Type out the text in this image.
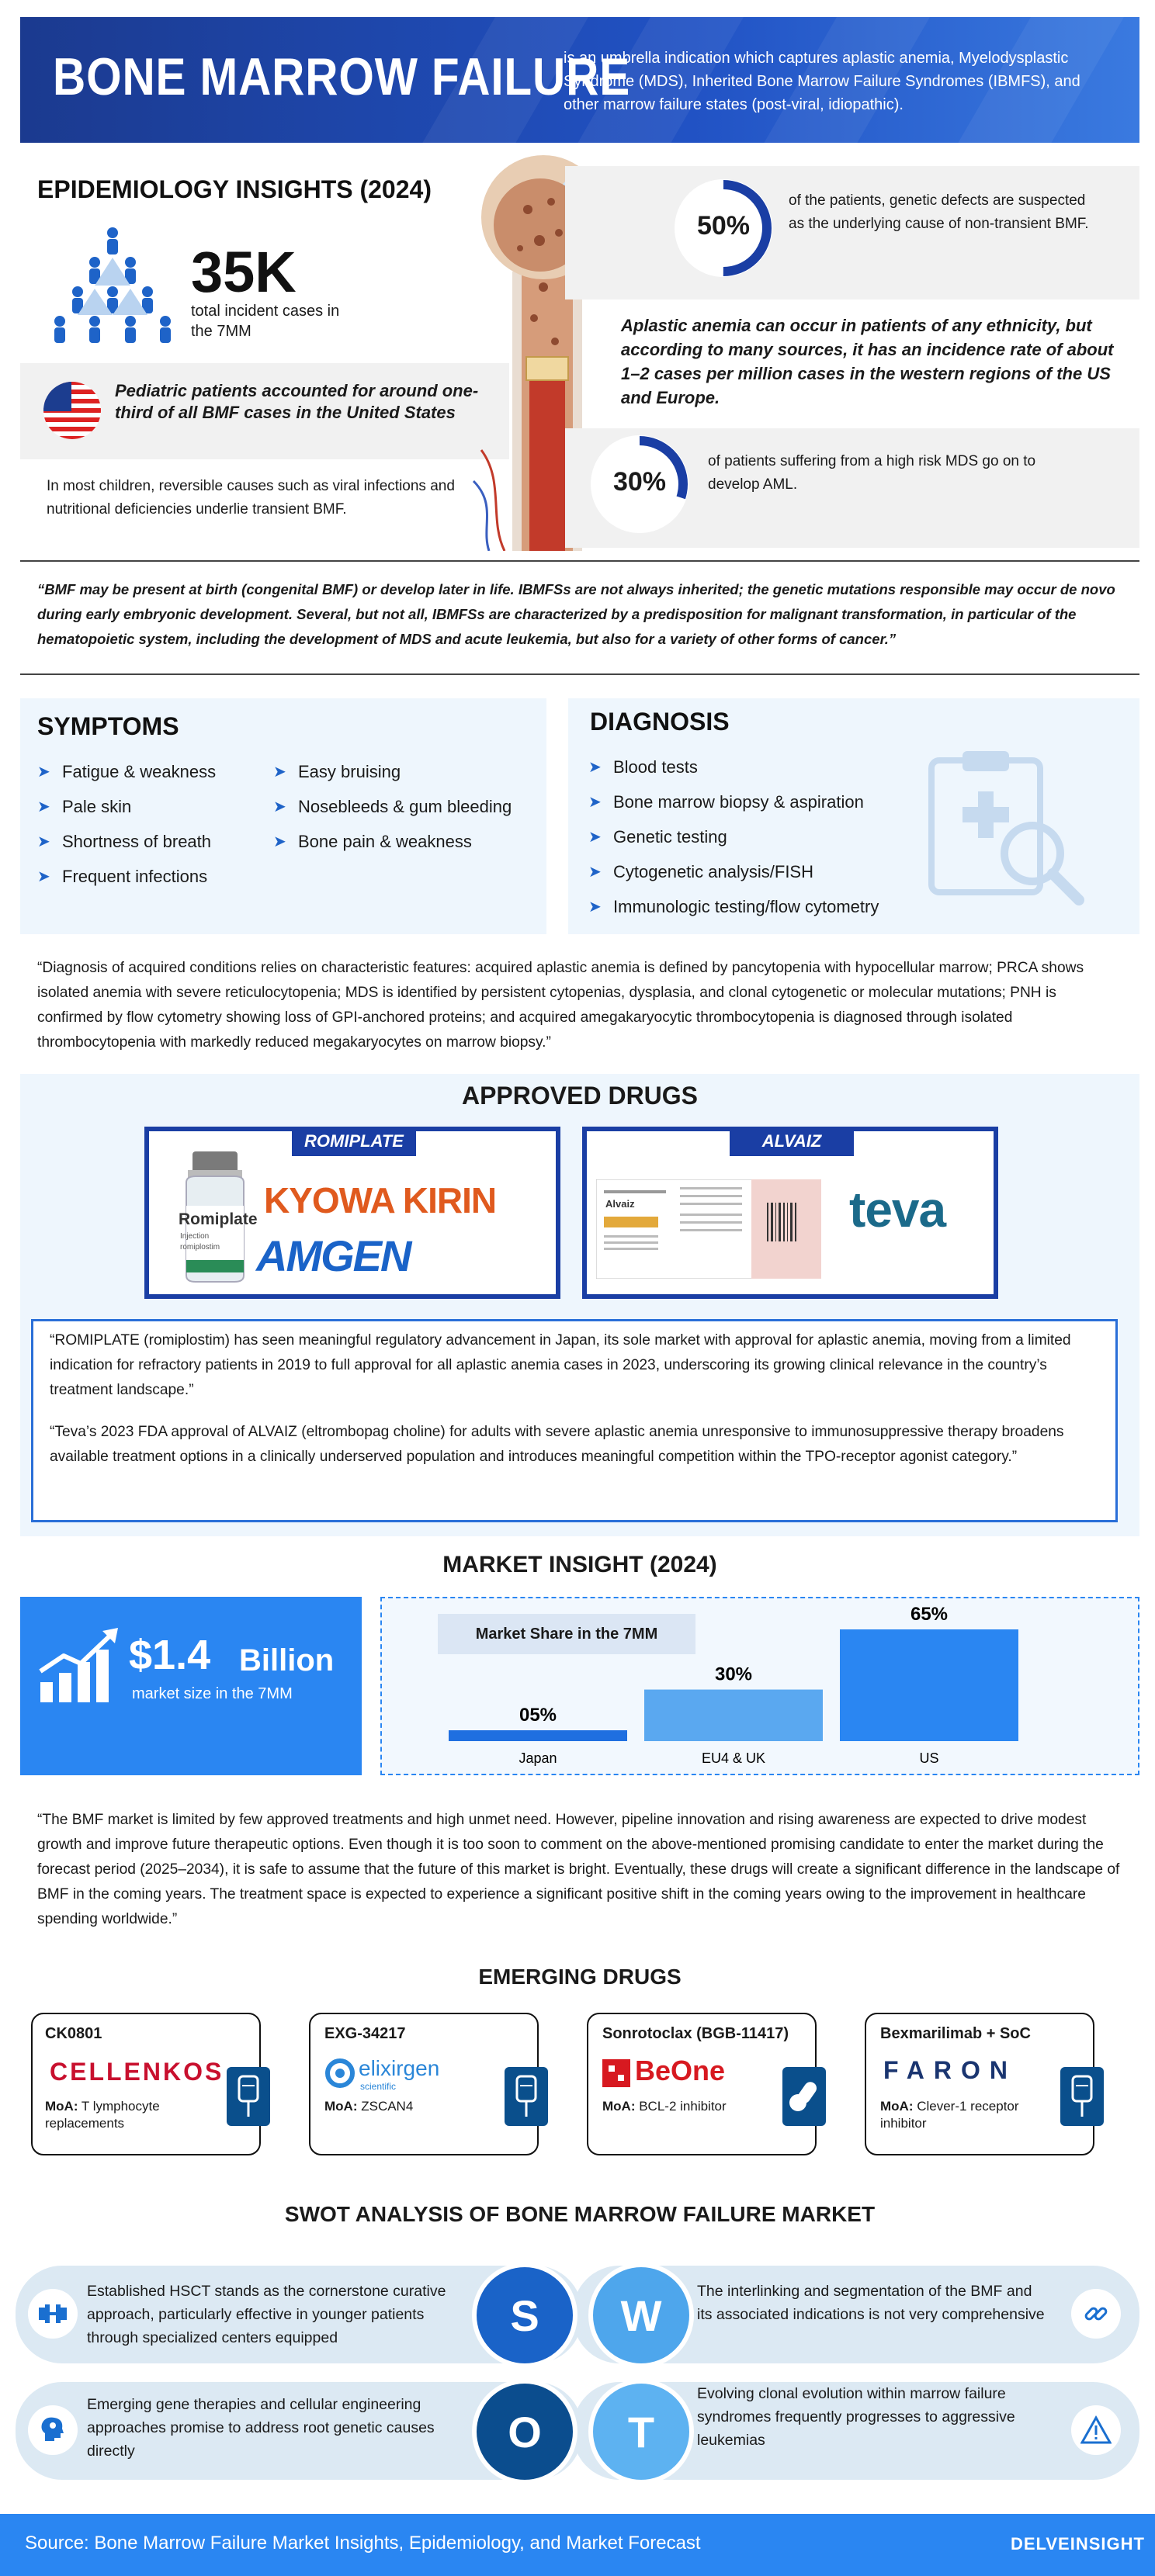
BONE MARROW FAILURE
is an umbrella indication which captures aplastic anemia, Myelodysplastic Syndrome (MDS), Inherited Bone Marrow Failure Syndromes (IBMFS), and other marrow failure states (post-viral, idiopathic).
EPIDEMIOLOGY INSIGHTS (2024)
35K
total incident cases in the 7MM
Pediatric patients accounted for around one-third of all BMF cases in the United States
In most children, reversible causes such as viral infections and nutritional deficiencies underlie transient BMF.
50%
of the patients, genetic defects are suspected as the underlying cause of non-transient BMF.
Aplastic anemia can occur in patients of any ethnicity, but according to many sources, it has an incidence rate of about 1–2 cases per million cases in the western regions of the US and Europe.
30%
of patients suffering from a high risk MDS go on to develop AML.
“BMF may be present at birth (congenital BMF) or develop later in life. IBMFSs are not always inherited; the genetic mutations responsible may occur de novo during early embryonic development. Several, but not all, IBMFSs are characterized by a predisposition for malignant transformation, in particular of the hematopoietic system, including the development of MDS and acute leukemia, but also for a variety of other forms of cancer.”
SYMPTOMS
➤ Fatigue & weakness
➤ Pale skin
➤ Shortness of breath
➤ Frequent infections
➤ Easy bruising
➤ Nosebleeds & gum bleeding
➤ Bone pain & weakness
DIAGNOSIS
➤ Blood tests
➤ Bone marrow biopsy & aspiration
➤ Genetic testing
➤ Cytogenetic analysis/FISH
➤ Immunologic testing/flow cytometry
“Diagnosis of acquired conditions relies on characteristic features: acquired aplastic anemia is defined by pancytopenia with hypocellular marrow; PRCA shows isolated anemia with severe reticulocytopenia; MDS is identified by persistent cytopenias, dysplasia, and clonal cytogenetic or molecular mutations; PNH is confirmed by flow cytometry showing loss of GPI-anchored proteins; and acquired amegakaryocytic thrombocytopenia is diagnosed through isolated thrombocytopenia with markedly reduced megakaryocytes on marrow biopsy.”
APPROVED DRUGS
ROMIPLATE
Romiplate
Injection
romiplostim
KYOWA KIRIN
AMGEN
ALVAIZ
Alvaiz	teva
“ROMIPLATE (romiplostim) has seen meaningful regulatory advancement in Japan, its sole market with approval for aplastic anemia, moving from a limited indication for refractory patients in 2019 to full approval for all aplastic anemia cases in 2023, underscoring its growing clinical relevance in the country’s treatment landscape.”
“Teva’s 2023 FDA approval of ALVAIZ (eltrombopag choline) for adults with severe aplastic anemia unresponsive to immunosuppressive therapy broadens available treatment options in a clinically underserved population and introduces meaningful competition within the TPO-receptor agonist category.”
MARKET INSIGHT (2024)
$1.4 Billion
market size in the 7MM
Market Share in the 7MM
05%
Japan
30%
EU4 & UK
65%
US
“The BMF market is limited by few approved treatments and high unmet need. However, pipeline innovation and rising awareness are expected to drive modest growth and improve future therapeutic options. Even though it is too soon to comment on the above-mentioned promising candidate to enter the market during the forecast period (2025–2034), it is safe to assume that the future of this market is bright. Eventually, these drugs will create a significant difference in the landscape of BMF in the coming years. The treatment space is expected to experience a significant positive shift in the coming years owing to the improvement in healthcare spending worldwide.”
EMERGING DRUGS
CK0801
CELLENKOS
MoA: T lymphocyte replacements
EXG-34217
elixirgen
scientific
MoA: ZSCAN4
Sonrotoclax (BGB-11417)
BeOne
MoA: BCL-2 inhibitor
Bexmarilimab + SoC
FARON
MoA: Clever-1 receptor inhibitor
SWOT ANALYSIS OF BONE MARROW FAILURE MARKET
Established HSCT stands as the cornerstone curative approach, particularly effective in younger patients through specialized centers equipped
The interlinking and segmentation of the BMF and its associated indications is not very comprehensive
Emerging gene therapies and cellular engineering approaches promise to address root genetic causes directly
Evolving clonal evolution within marrow failure syndromes frequently progresses to aggressive leukemias
S	W
O	T
Source: Bone Marrow Failure Market Insights, Epidemiology, and Market Forecast	DELVEINSIGHT
